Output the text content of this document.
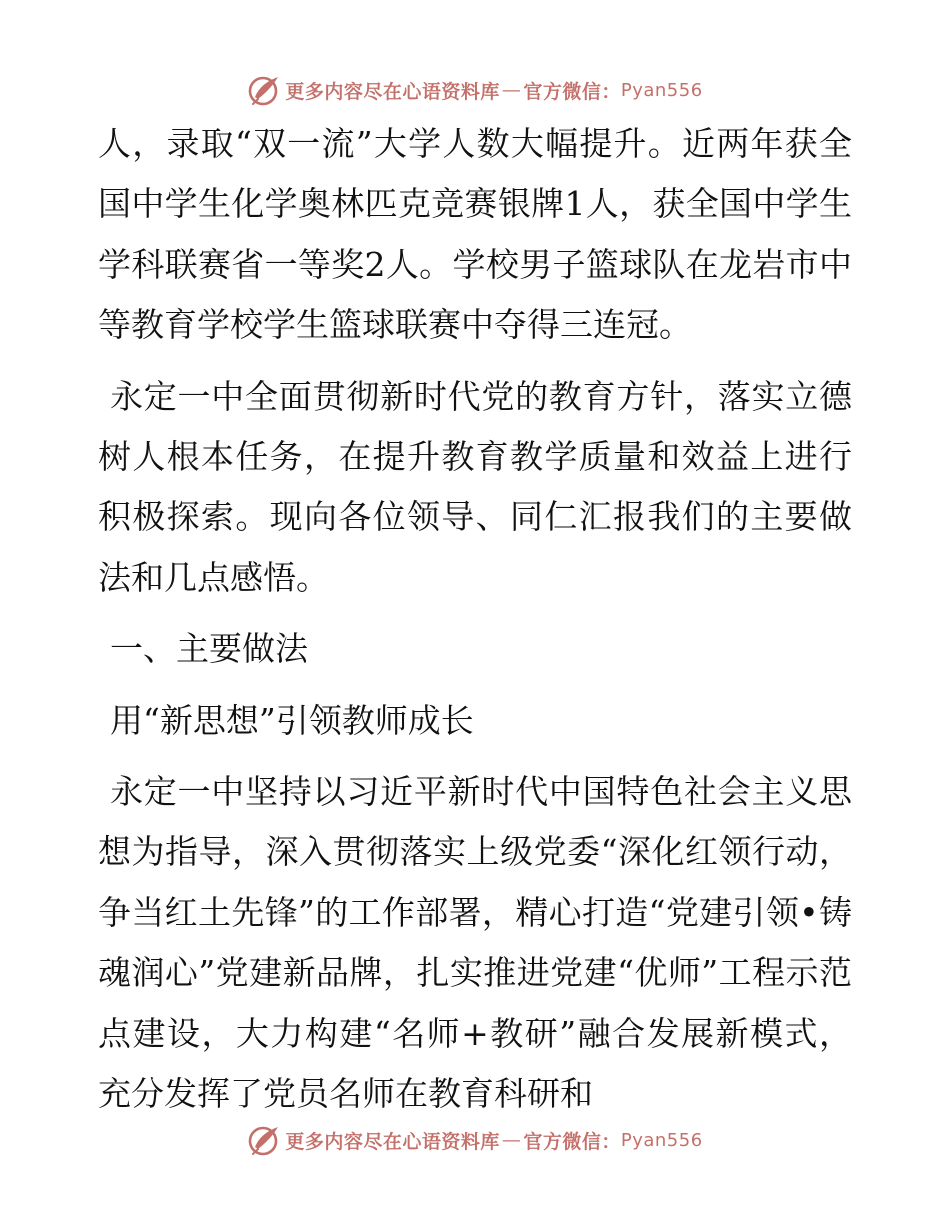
更多内容尽在心语资料库 — 官方微信： Pyan556

人，录取“双一流”大学人数大幅提升。近两年获全国中学生化学奥林匹克竞赛银牌1人，获全国中学生学科联赛省一等奖2人。学校男子篮球队在龙岩市中等教育学校学生篮球联赛中夺得三连冠。

永定一中全面贯彻新时代党的教育方针，落实立德树人根本任务，在提升教育教学质量和效益上进行积极探索。现向各位领导、同仁汇报我们的主要做法和几点感悟。

一、主要做法

用“新思想”引领教师成长

永定一中坚持以习近平新时代中国特色社会主义思想为指导，深入贯彻落实上级党委“深化红领行动，争当红土先锋”的工作部署，精心打造“党建引领•铸魂润心”党建新品牌，扎实推进党建“优师”工程示范点建设，大力构建“名师+教研”融合发展新模式，充分发挥了党员名师在教育科研和

更多内容尽在心语资料库 — 官方微信： Pyan556
